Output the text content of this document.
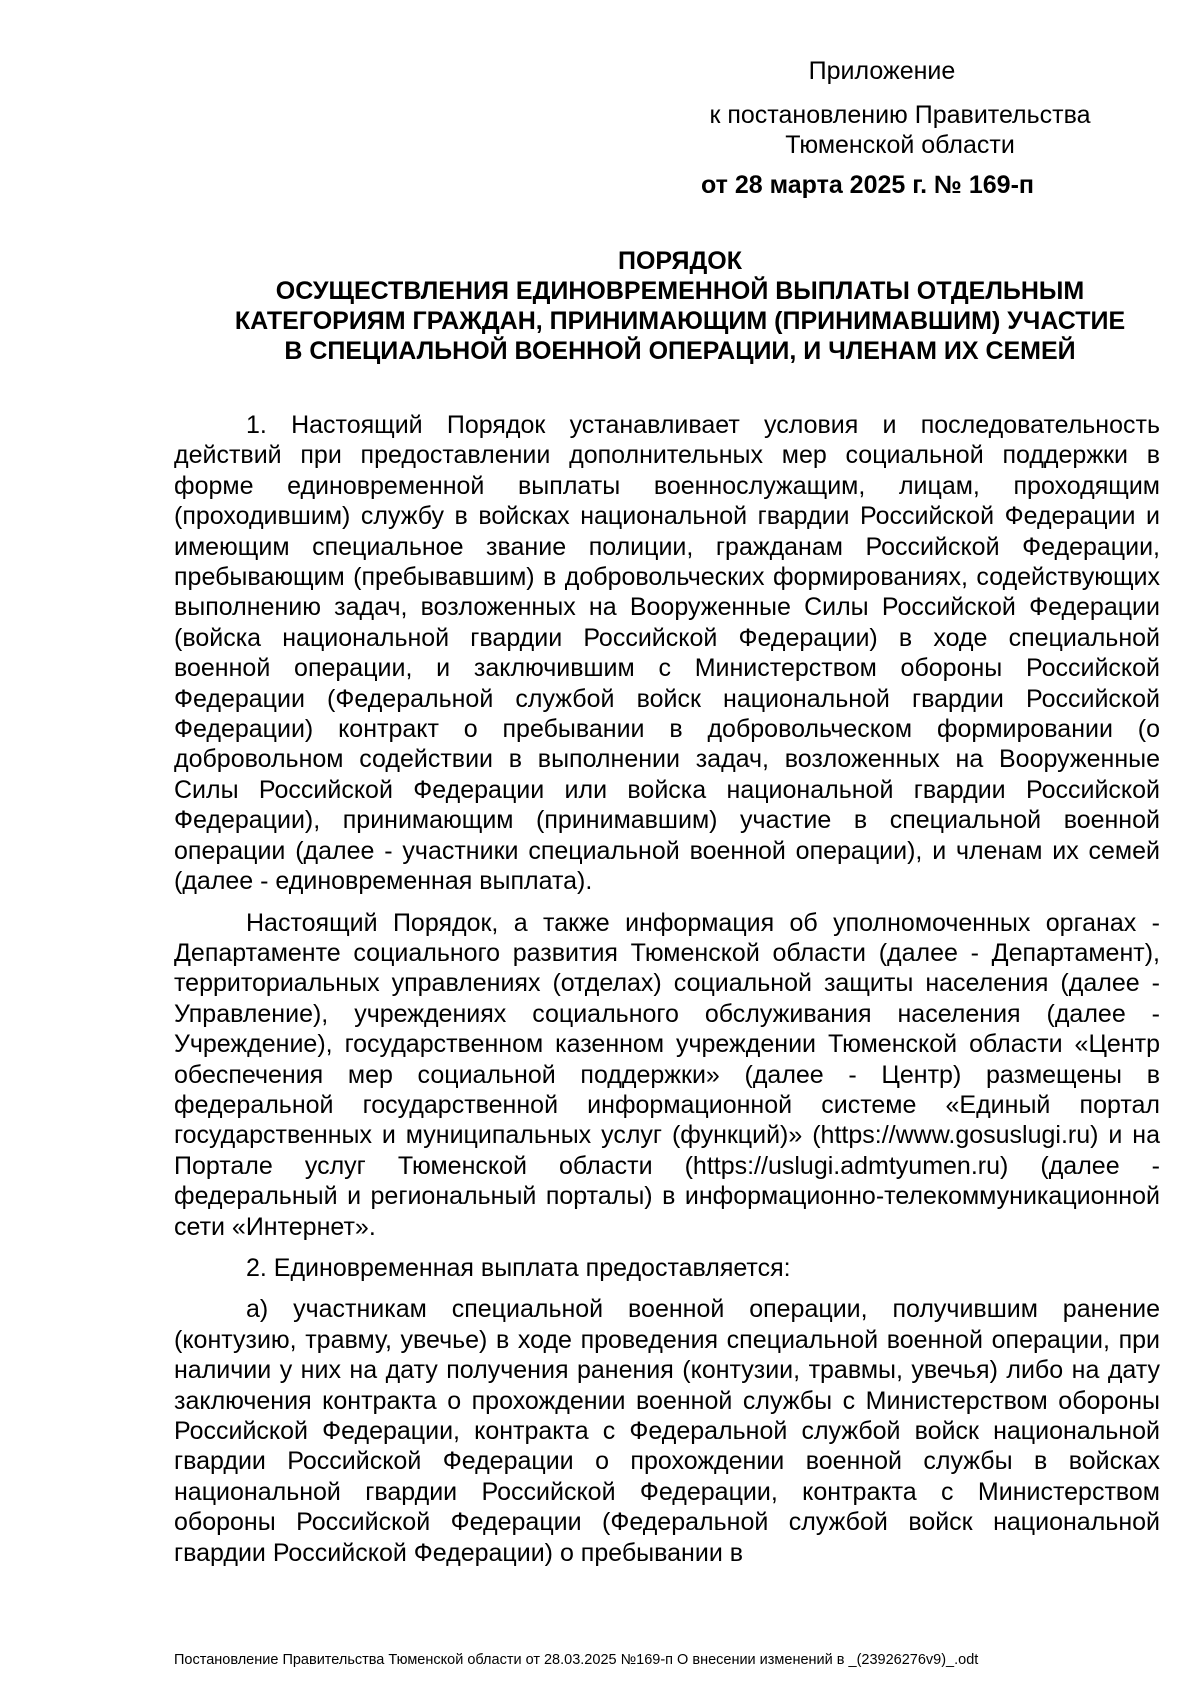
Приложение
к постановлению Правительства
Тюменской области
от 28 марта 2025 г. № 169-п
ПОРЯДОК
ОСУЩЕСТВЛЕНИЯ ЕДИНОВРЕМЕННОЙ ВЫПЛАТЫ ОТДЕЛЬНЫМ
КАТЕГОРИЯМ ГРАЖДАН, ПРИНИМАЮЩИМ (ПРИНИМАВШИМ) УЧАСТИЕ
В СПЕЦИАЛЬНОЙ ВОЕННОЙ ОПЕРАЦИИ, И ЧЛЕНАМ ИХ СЕМЕЙ

1. Настоящий Порядок устанавливает условия и последовательность действий при предоставлении дополнительных мер социальной поддержки в форме единовременной выплаты военнослужащим, лицам, проходящим (проходившим) службу в войсках национальной гвардии Российской Федерации и имеющим специальное звание полиции, гражданам Российской Федерации, пребывающим (пребывавшим) в добровольческих формированиях, содействующих выполнению задач, возложенных на Вооруженные Силы Российской Федерации (войска национальной гвардии Российской Федерации) в ходе специальной военной операции, и заключившим с Министерством обороны Российской Федерации (Федеральной службой войск национальной гвардии Российской Федерации) контракт о пребывании в добровольческом формировании (о добровольном содействии в выполнении задач, возложенных на Вооруженные Силы Российской Федерации или войска национальной гвардии Российской Федерации), принимающим (принимавшим) участие в специальной военной операции (далее - участники специальной военной операции), и членам их семей (далее - единовременная выплата).

Настоящий Порядок, а также информация об уполномоченных органах - Департаменте социального развития Тюменской области (далее - Департамент), территориальных управлениях (отделах) социальной защиты населения (далее - Управление), учреждениях социального обслуживания населения (далее - Учреждение), государственном казенном учреждении Тюменской области «Центр обеспечения мер социальной поддержки» (далее - Центр) размещены в федеральной государственной информационной системе «Единый портал государственных и муниципальных услуг (функций)» (https://www.gosuslugi.ru) и на Портале услуг Тюменской области (https://uslugi.admtyumen.ru) (далее - федеральный и региональный порталы) в информационно-телекоммуникационной сети «Интернет».

2. Единовременная выплата предоставляется:

а) участникам специальной военной операции, получившим ранение (контузию, травму, увечье) в ходе проведения специальной военной операции, при наличии у них на дату получения ранения (контузии, травмы, увечья) либо на дату заключения контракта о прохождении военной службы с Министерством обороны Российской Федерации, контракта с Федеральной службой войск национальной гвардии Российской Федерации о прохождении военной службы в войсках национальной гвардии Российской Федерации, контракта с Министерством обороны Российской Федерации (Федеральной службой войск национальной гвардии Российской Федерации) о пребывании в

Постановление Правительства Тюменской области от 28.03.2025 №169-п О внесении изменений в _(23926276v9)_.odt
